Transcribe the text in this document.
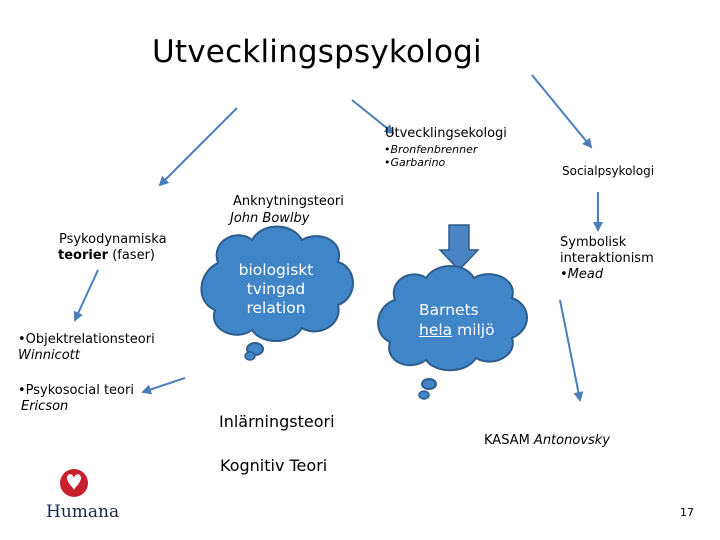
Utvecklingspsykologi
Utvecklingsekologi
•Bronfenbrenner
•Garbarino
Socialpsykologi
Anknytningsteori
John Bowlby
Psykodynamiska
teorier (faser)
Symbolisk
interaktionism
•Mead
biologiskt
tvingad
relation	Barnets
hela miljö
•Objektrelationsteori
Winnicott
•Psykosocial teori
Ericson
Inlärningsteori
KASAM Antonovsky
Kognitiv Teori
Humana	17
